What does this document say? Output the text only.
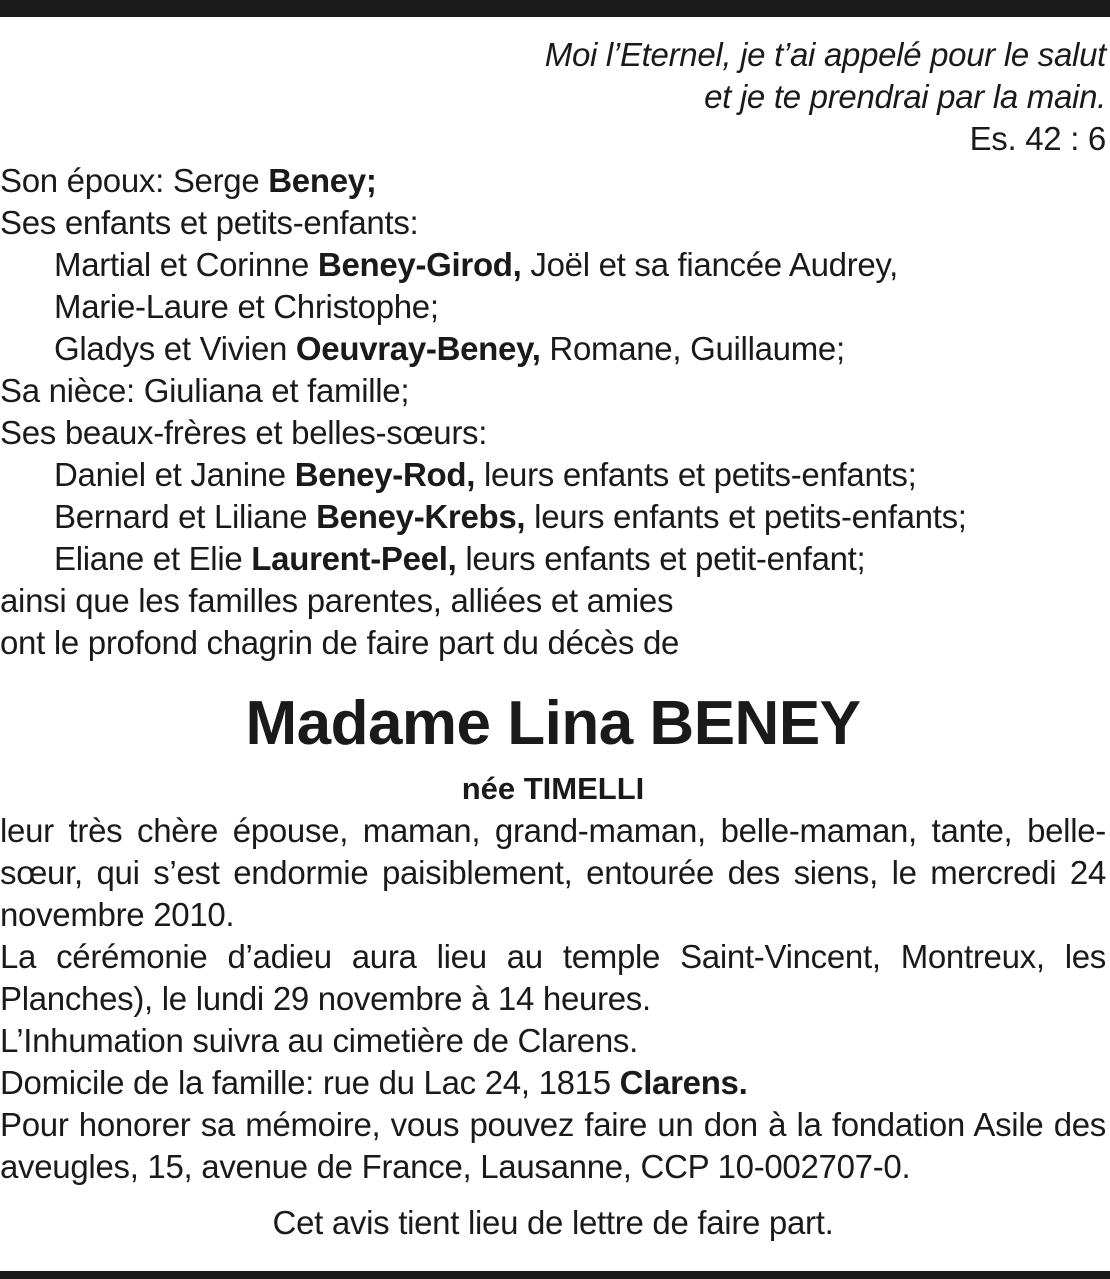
Moi l’Eternel, je t’ai appelé pour le salut
et je te prendrai par la main.
Es. 42 : 6
Son époux: Serge Beney;
Ses enfants et petits-enfants:
Martial et Corinne Beney-Girod, Joël et sa fiancée Audrey,
Marie-Laure et Christophe;
Gladys et Vivien Oeuvray-Beney, Romane, Guillaume;
Sa nièce: Giuliana et famille;
Ses beaux-frères et belles-sœurs:
Daniel et Janine Beney-Rod, leurs enfants et petits-enfants;
Bernard et Liliane Beney-Krebs, leurs enfants et petits-enfants;
Eliane et Elie Laurent-Peel, leurs enfants et petit-enfant;
ainsi que les familles parentes, alliées et amies
ont le profond chagrin de faire part du décès de
Madame Lina BENEY
née TIMELLI
leur très chère épouse, maman, grand-maman, belle-maman, tante, belle-sœur, qui s’est endormie paisiblement, entourée des siens, le mercredi 24 novembre 2010.
La cérémonie d’adieu aura lieu au temple Saint-Vincent, Montreux, les Planches), le lundi 29 novembre à 14 heures.
L’Inhumation suivra au cimetière de Clarens.
Domicile de la famille: rue du Lac 24, 1815 Clarens.
Pour honorer sa mémoire, vous pouvez faire un don à la fondation Asile des aveugles, 15, avenue de France, Lausanne, CCP 10-002707-0.
Cet avis tient lieu de lettre de faire part.
